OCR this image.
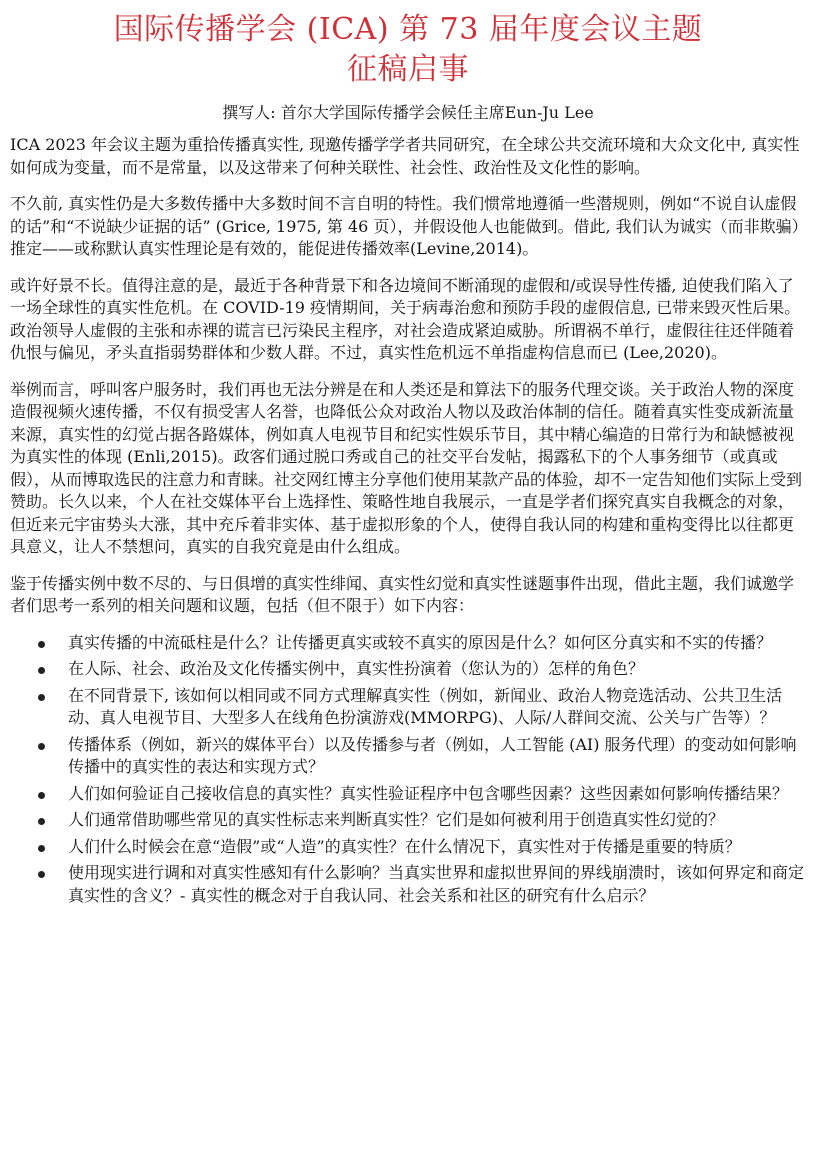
国际传播学会 (ICA) 第 73 届年度会议主题
征稿启事
撰写人: 首尔大学国际传播学会候任主席Eun-Ju Lee

ICA 2023 年会议主题为重拾传播真实性, 现邀传播学学者共同研究，在全球公共交流环境和大众文化中, 真实性如何成为变量，而不是常量，以及这带来了何种关联性、社会性、政治性及文化性的影响。

不久前, 真实性仍是大多数传播中大多数时间不言自明的特性。我们惯常地遵循一些潜规则，例如“不说自认虚假的话”和“不说缺少证据的话” (Grice, 1975, 第 46 页），并假设他人也能做到。借此, 我们认为诚实（而非欺骗）推定——或称默认真实性理论是有效的，能促进传播效率(Levine,2014)。

或许好景不长。值得注意的是，最近于各种背景下和各边境间不断涌现的虚假和/或误导性传播, 迫使我们陷入了一场全球性的真实性危机。在 COVID-19 疫情期间，关于病毒治愈和预防手段的虚假信息, 已带来毁灭性后果。政治领导人虚假的主张和赤裸的谎言已污染民主程序，对社会造成紧迫威胁。所谓祸不单行，虚假往往还伴随着仇恨与偏见，矛头直指弱势群体和少数人群。不过，真实性危机远不单指虚构信息而已 (Lee,2020)。

举例而言，呼叫客户服务时，我们再也无法分辨是在和人类还是和算法下的服务代理交谈。关于政治人物的深度造假视频火速传播，不仅有损受害人名誉，也降低公众对政治人物以及政治体制的信任。随着真实性变成新流量来源，真实性的幻觉占据各路媒体，例如真人电视节目和纪实性娱乐节目，其中精心编造的日常行为和缺憾被视为真实性的体现 (Enli,2015)。政客们通过脱口秀或自己的社交平台发帖，揭露私下的个人事务细节（或真或假），从而博取选民的注意力和青睐。社交网红博主分享他们使用某款产品的体验，却不一定告知他们实际上受到赞助。长久以来，个人在社交媒体平台上选择性、策略性地自我展示，一直是学者们探究真实自我概念的对象，但近来元宇宙势头大涨，其中充斥着非实体、基于虚拟形象的个人，使得自我认同的构建和重构变得比以往都更具意义，让人不禁想问，真实的自我究竟是由什么组成。

鉴于传播实例中数不尽的、与日俱增的真实性绯闻、真实性幻觉和真实性谜题事件出现，借此主题，我们诚邀学者们思考一系列的相关问题和议题，包括（但不限于）如下内容：

真实传播的中流砥柱是什么？让传播更真实或较不真实的原因是什么？如何区分真实和不实的传播？
在人际、社会、政治及文化传播实例中，真实性扮演着（您认为的）怎样的角色？
在不同背景下, 该如何以相同或不同方式理解真实性（例如，新闻业、政治人物竞选活动、公共卫生活动、真人电视节目、大型多人在线角色扮演游戏(MMORPG)、人际/人群间交流、公关与广告等）？
传播体系（例如，新兴的媒体平台）以及传播参与者（例如，人工智能 (AI) 服务代理）的变动如何影响传播中的真实性的表达和实现方式？
人们如何验证自己接收信息的真实性？真实性验证程序中包含哪些因素？这些因素如何影响传播结果？
人们通常借助哪些常见的真实性标志来判断真实性？它们是如何被利用于创造真实性幻觉的？
人们什么时候会在意“造假”或“人造”的真实性？在什么情况下，真实性对于传播是重要的特质？
使用现实进行调和对真实性感知有什么影响？当真实世界和虚拟世界间的界线崩溃时，该如何界定和商定真实性的含义？- 真实性的概念对于自我认同、社会关系和社区的研究有什么启示？
